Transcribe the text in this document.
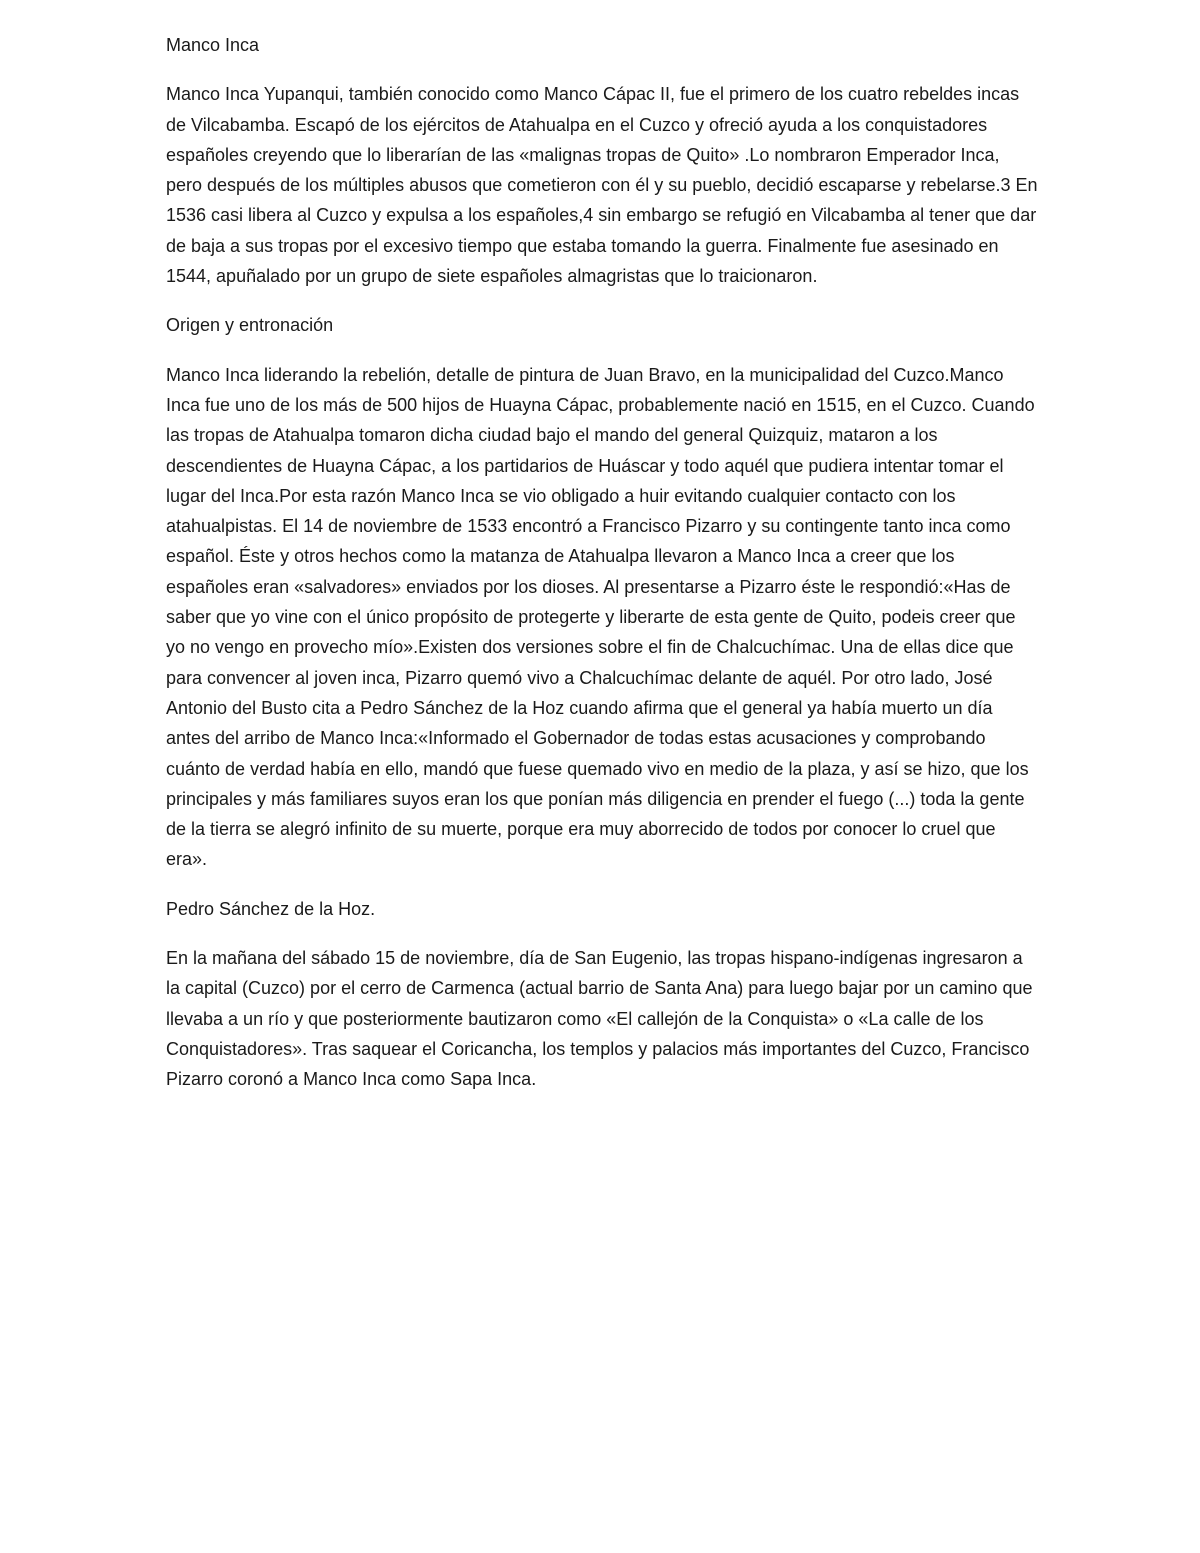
Manco Inca

Manco Inca Yupanqui, también conocido como Manco Cápac II, fue el primero de los cuatro rebeldes incas de Vilcabamba. Escapó de los ejércitos de Atahualpa en el Cuzco y ofreció ayuda a los conquistadores españoles creyendo que lo liberarían de las «malignas tropas de Quito» .Lo nombraron Emperador Inca, pero después de los múltiples abusos que cometieron con él y su pueblo, decidió escaparse y rebelarse.3 En 1536 casi libera al Cuzco y expulsa a los españoles,4 sin embargo se refugió en Vilcabamba al tener que dar de baja a sus tropas por el excesivo tiempo que estaba tomando la guerra. Finalmente fue asesinado en 1544, apuñalado por un grupo de siete españoles almagristas que lo traicionaron.

Origen y entronación

Manco Inca liderando la rebelión, detalle de pintura de Juan Bravo, en la municipalidad del Cuzco.Manco Inca fue uno de los más de 500 hijos de Huayna Cápac, probablemente nació en 1515, en el Cuzco. Cuando las tropas de Atahualpa tomaron dicha ciudad bajo el mando del general Quizquiz, mataron a los descendientes de Huayna Cápac, a los partidarios de Huáscar y todo aquél que pudiera intentar tomar el lugar del Inca.Por esta razón Manco Inca se vio obligado a huir evitando cualquier contacto con los atahualpistas. El 14 de noviembre de 1533 encontró a Francisco Pizarro y su contingente tanto inca como español. Éste y otros hechos como la matanza de Atahualpa llevaron a Manco Inca a creer que los españoles eran «salvadores» enviados por los dioses. Al presentarse a Pizarro éste le respondió:«Has de saber que yo vine con el único propósito de protegerte y liberarte de esta gente de Quito, podeis creer que yo no vengo en provecho mío».Existen dos versiones sobre el fin de Chalcuchímac. Una de ellas dice que para convencer al joven inca, Pizarro quemó vivo a Chalcuchímac delante de aquél. Por otro lado, José Antonio del Busto cita a Pedro Sánchez de la Hoz cuando afirma que el general ya había muerto un día antes del arribo de Manco Inca:«Informado el Gobernador de todas estas acusaciones y comprobando cuánto de verdad había en ello, mandó que fuese quemado vivo en medio de la plaza, y así se hizo, que los principales y más familiares suyos eran los que ponían más diligencia en prender el fuego (...) toda la gente de la tierra se alegró infinito de su muerte, porque era muy aborrecido de todos por conocer lo cruel que era».

Pedro Sánchez de la Hoz.

En la mañana del sábado 15 de noviembre, día de San Eugenio, las tropas hispano-indígenas ingresaron a la capital (Cuzco) por el cerro de Carmenca (actual barrio de Santa Ana) para luego bajar por un camino que llevaba a un río y que posteriormente bautizaron como «El callejón de la Conquista» o «La calle de los Conquistadores». Tras saquear el Coricancha, los templos y palacios más importantes del Cuzco, Francisco Pizarro coronó a Manco Inca como Sapa Inca.
